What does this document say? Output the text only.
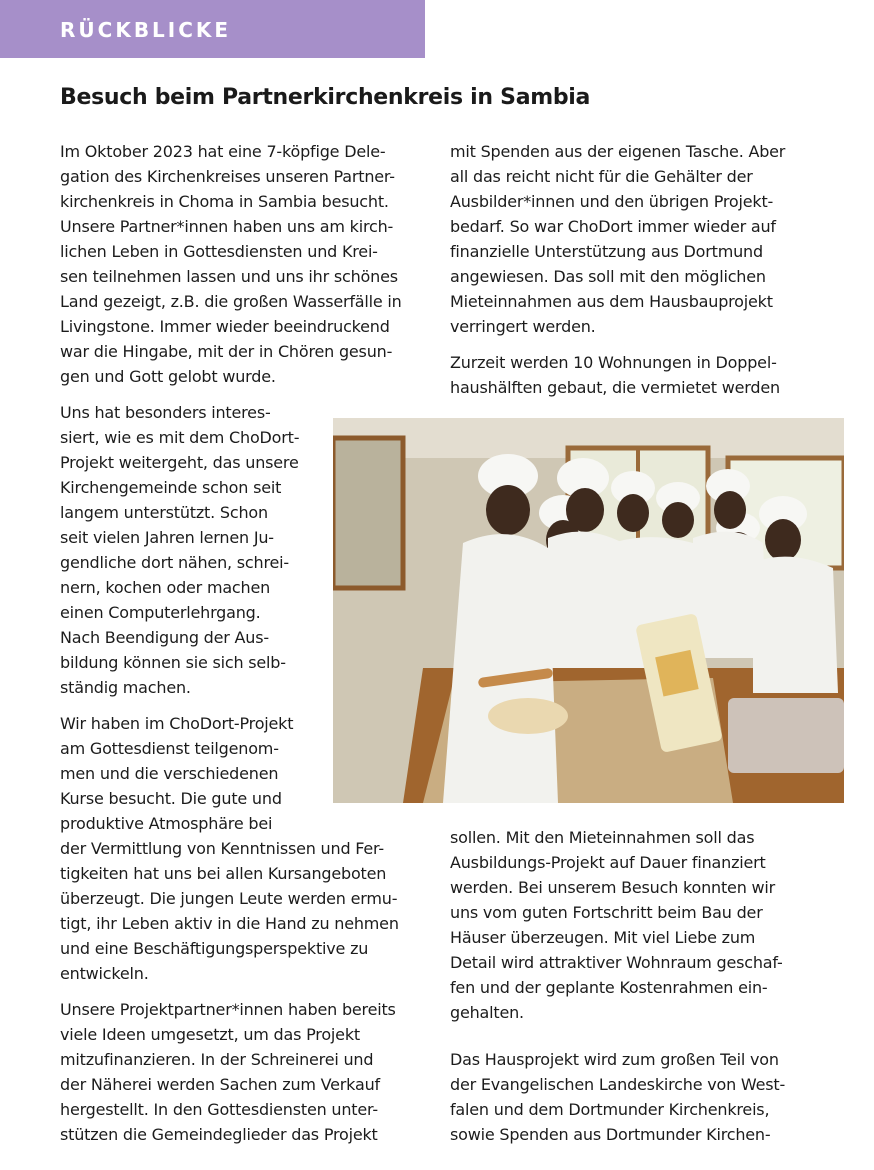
RÜCKBLICKE
Besuch beim Partnerkirchenkreis in Sambia

Im Oktober 2023 hat eine 7-köpfige Dele-
gation des Kirchenkreises unseren Partner-
kirchenkreis in Choma in Sambia besucht.
Unsere Partner*innen haben uns am kirch-
lichen Leben in Gottesdiensten und Krei-
sen teilnehmen lassen und uns ihr schönes
Land gezeigt, z.B. die großen Wasserfälle in
Livingstone. Immer wieder beeindruckend
war die Hingabe, mit der in Chören gesun-
gen und Gott gelobt wurde.

Uns hat besonders interes-
siert, wie es mit dem ChoDort-
Projekt weitergeht, das unsere
Kirchengemeinde schon seit
langem unterstützt. Schon
seit vielen Jahren lernen Ju-
gendliche dort nähen, schrei-
nern, kochen oder machen
einen Computerlehrgang.
Nach Beendigung der Aus-
bildung können sie sich selb-
ständig machen.

Wir haben im ChoDort-Projekt
am Gottesdienst teilgenom-
men und die verschiedenen
Kurse besucht. Die gute und
produktive Atmosphäre bei

der Vermittlung von Kenntnissen und Fer-
tigkeiten hat uns bei allen Kursangeboten
überzeugt. Die jungen Leute werden ermu-
tigt, ihr Leben aktiv in die Hand zu nehmen
und eine Beschäftigungsperspektive zu
entwickeln.

Unsere Projektpartner*innen haben bereits
viele Ideen umgesetzt, um das Projekt
mitzufinanzieren. In der Schreinerei und
der Näherei werden Sachen zum Verkauf
hergestellt. In den Gottesdiensten unter-
stützen die Gemeindeglieder das Projekt

mit Spenden aus der eigenen Tasche. Aber
all das reicht nicht für die Gehälter der
Ausbilder*innen und den übrigen Projekt-
bedarf. So war ChoDort immer wieder auf
finanzielle Unterstützung aus Dortmund
angewiesen. Das soll mit den möglichen
Mieteinnahmen aus dem Hausbauprojekt
verringert werden.

Zurzeit werden 10 Wohnungen in Doppel-
haushälften gebaut, die vermietet werden

sollen. Mit den Mieteinnahmen soll das
Ausbildungs-Projekt auf Dauer finanziert
werden. Bei unserem Besuch konnten wir
uns vom guten Fortschritt beim Bau der
Häuser überzeugen. Mit viel Liebe zum
Detail wird attraktiver Wohnraum geschaf-
fen und der geplante Kostenrahmen ein-
gehalten.

Das Hausprojekt wird zum großen Teil von
der Evangelischen Landeskirche von West-
falen und dem Dortmunder Kirchenkreis,
sowie Spenden aus Dortmunder Kirchen-
